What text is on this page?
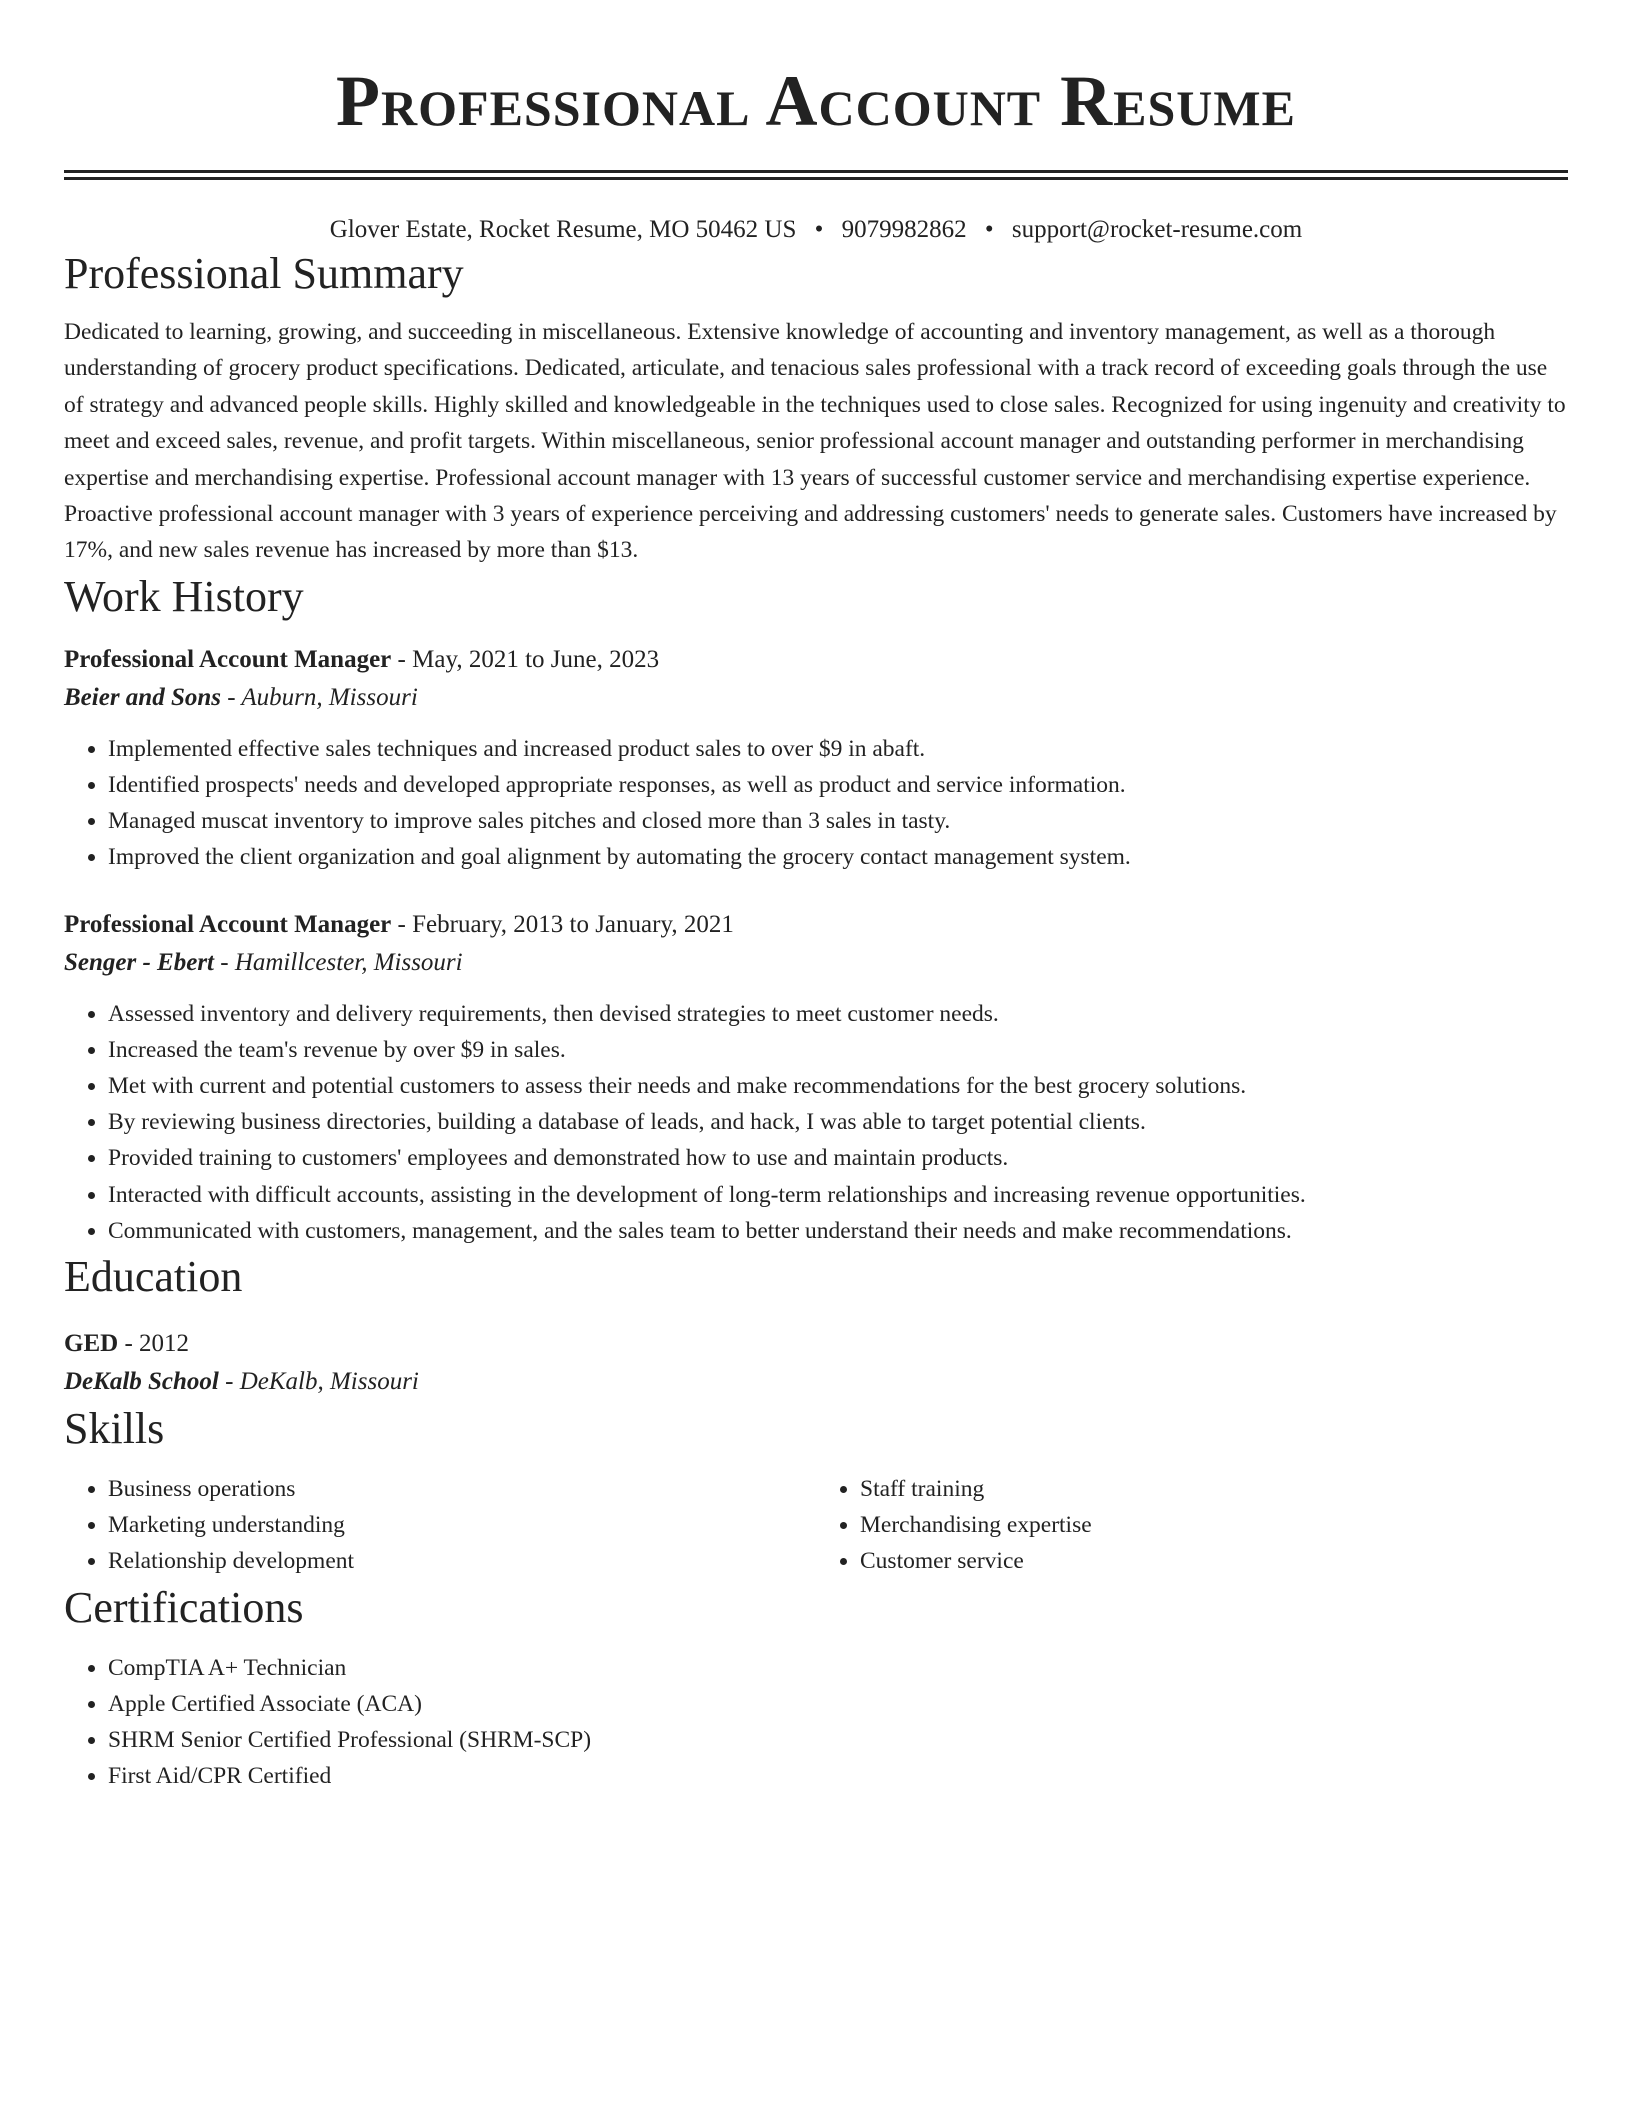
Professional Account Resume
Glover Estate, Rocket Resume, MO 50462 US • 9079982862 • support@rocket-resume.com
Professional Summary

Dedicated to learning, growing, and succeeding in miscellaneous. Extensive knowledge of accounting and inventory management, as well as a thorough understanding of grocery product specifications. Dedicated, articulate, and tenacious sales professional with a track record of exceeding goals through the use of strategy and advanced people skills. Highly skilled and knowledgeable in the techniques used to close sales. Recognized for using ingenuity and creativity to meet and exceed sales, revenue, and profit targets. Within miscellaneous, senior professional account manager and outstanding performer in merchandising expertise and merchandising expertise. Professional account manager with 13 years of successful customer service and merchandising expertise experience. Proactive professional account manager with 3 years of experience perceiving and addressing customers' needs to generate sales. Customers have increased by 17%, and new sales revenue has increased by more than $13.

Work History
Professional Account Manager - May, 2021 to June, 2023
Beier and Sons - Auburn, Missouri
• Implemented effective sales techniques and increased product sales to over $9 in abaft.
• Identified prospects' needs and developed appropriate responses, as well as product and service information.
• Managed muscat inventory to improve sales pitches and closed more than 3 sales in tasty.
• Improved the client organization and goal alignment by automating the grocery contact management system.
Professional Account Manager - February, 2013 to January, 2021
Senger - Ebert - Hamillcester, Missouri
• Assessed inventory and delivery requirements, then devised strategies to meet customer needs.
• Increased the team's revenue by over $9 in sales.
• Met with current and potential customers to assess their needs and make recommendations for the best grocery solutions.
• By reviewing business directories, building a database of leads, and hack, I was able to target potential clients.
• Provided training to customers' employees and demonstrated how to use and maintain products.
• Interacted with difficult accounts, assisting in the development of long-term relationships and increasing revenue opportunities.
• Communicated with customers, management, and the sales team to better understand their needs and make recommendations.
Education
GED - 2012
DeKalb School - DeKalb, Missouri
Skills
• Business operations
• Marketing understanding
• Relationship development
• Staff training
• Merchandising expertise
• Customer service
Certifications
• CompTIA A+ Technician
• Apple Certified Associate (ACA)
• SHRM Senior Certified Professional (SHRM-SCP)
• First Aid/CPR Certified
